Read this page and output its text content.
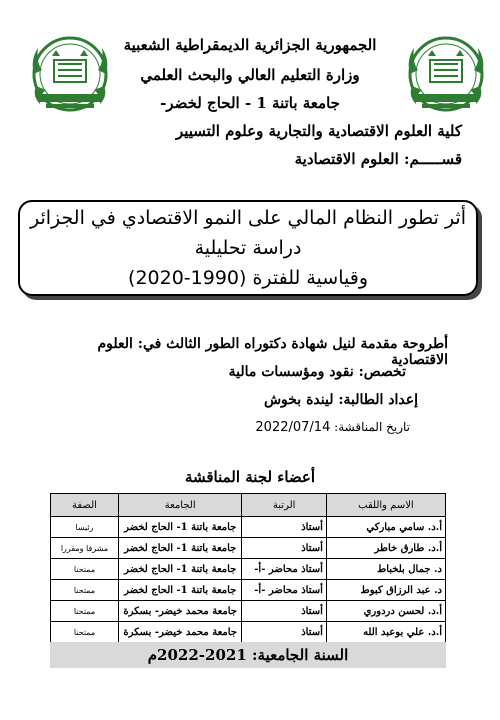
الجمهورية الجزائرية الديمقراطية الشعبية
وزارة التعليم العالي والبحث العلمي
جامعة باتنة 1 - الحاج لخضر-
كلية العلوم الاقتصادية والتجارية وعلوم التسيير
قســـــم: العلوم الاقتصادية
أثر تطور النظام المالي على النمو الاقتصادي في الجزائر دراسة تحليلية
وقياسية للفترة (1990-2020)
أطروحة مقدمة لنيل شهادة دكتوراه الطور الثالث في: العلوم الاقتصادية
تخصص: نقود ومؤسسات مالية
إعداد الطالبة: ليندة بخوش
تاريخ المناقشة: 2022/07/14
أعضاء لجنة المناقشة
الاسم واللقب	الرتبة	الجامعة	الصفة
أ.د. سامي مباركي	أستاذ	جامعة باتنة 1- الحاج لخضر	رئيسا
أ.د. طارق خاطر	أستاذ	جامعة باتنة 1- الحاج لخضر	مشرفا ومقررا
د. جمال بلخباط	أستاذ محاضر -أ-	جامعة باتنة 1- الحاج لخضر	ممتحنا
د. عبد الرزاق كبوط	أستاذ محاضر -أ-	جامعة باتنة 1- الحاج لخضر	ممتحنا
أ.د. لحسن دردوري	أستاذ	جامعة محمد خيضر- بسكرة	ممتحنا
أ.د. علي بوعبد الله	أستاذ	جامعة محمد خيضر- بسكرة	ممتحنا
السنة الجامعية: 2021-2022م
